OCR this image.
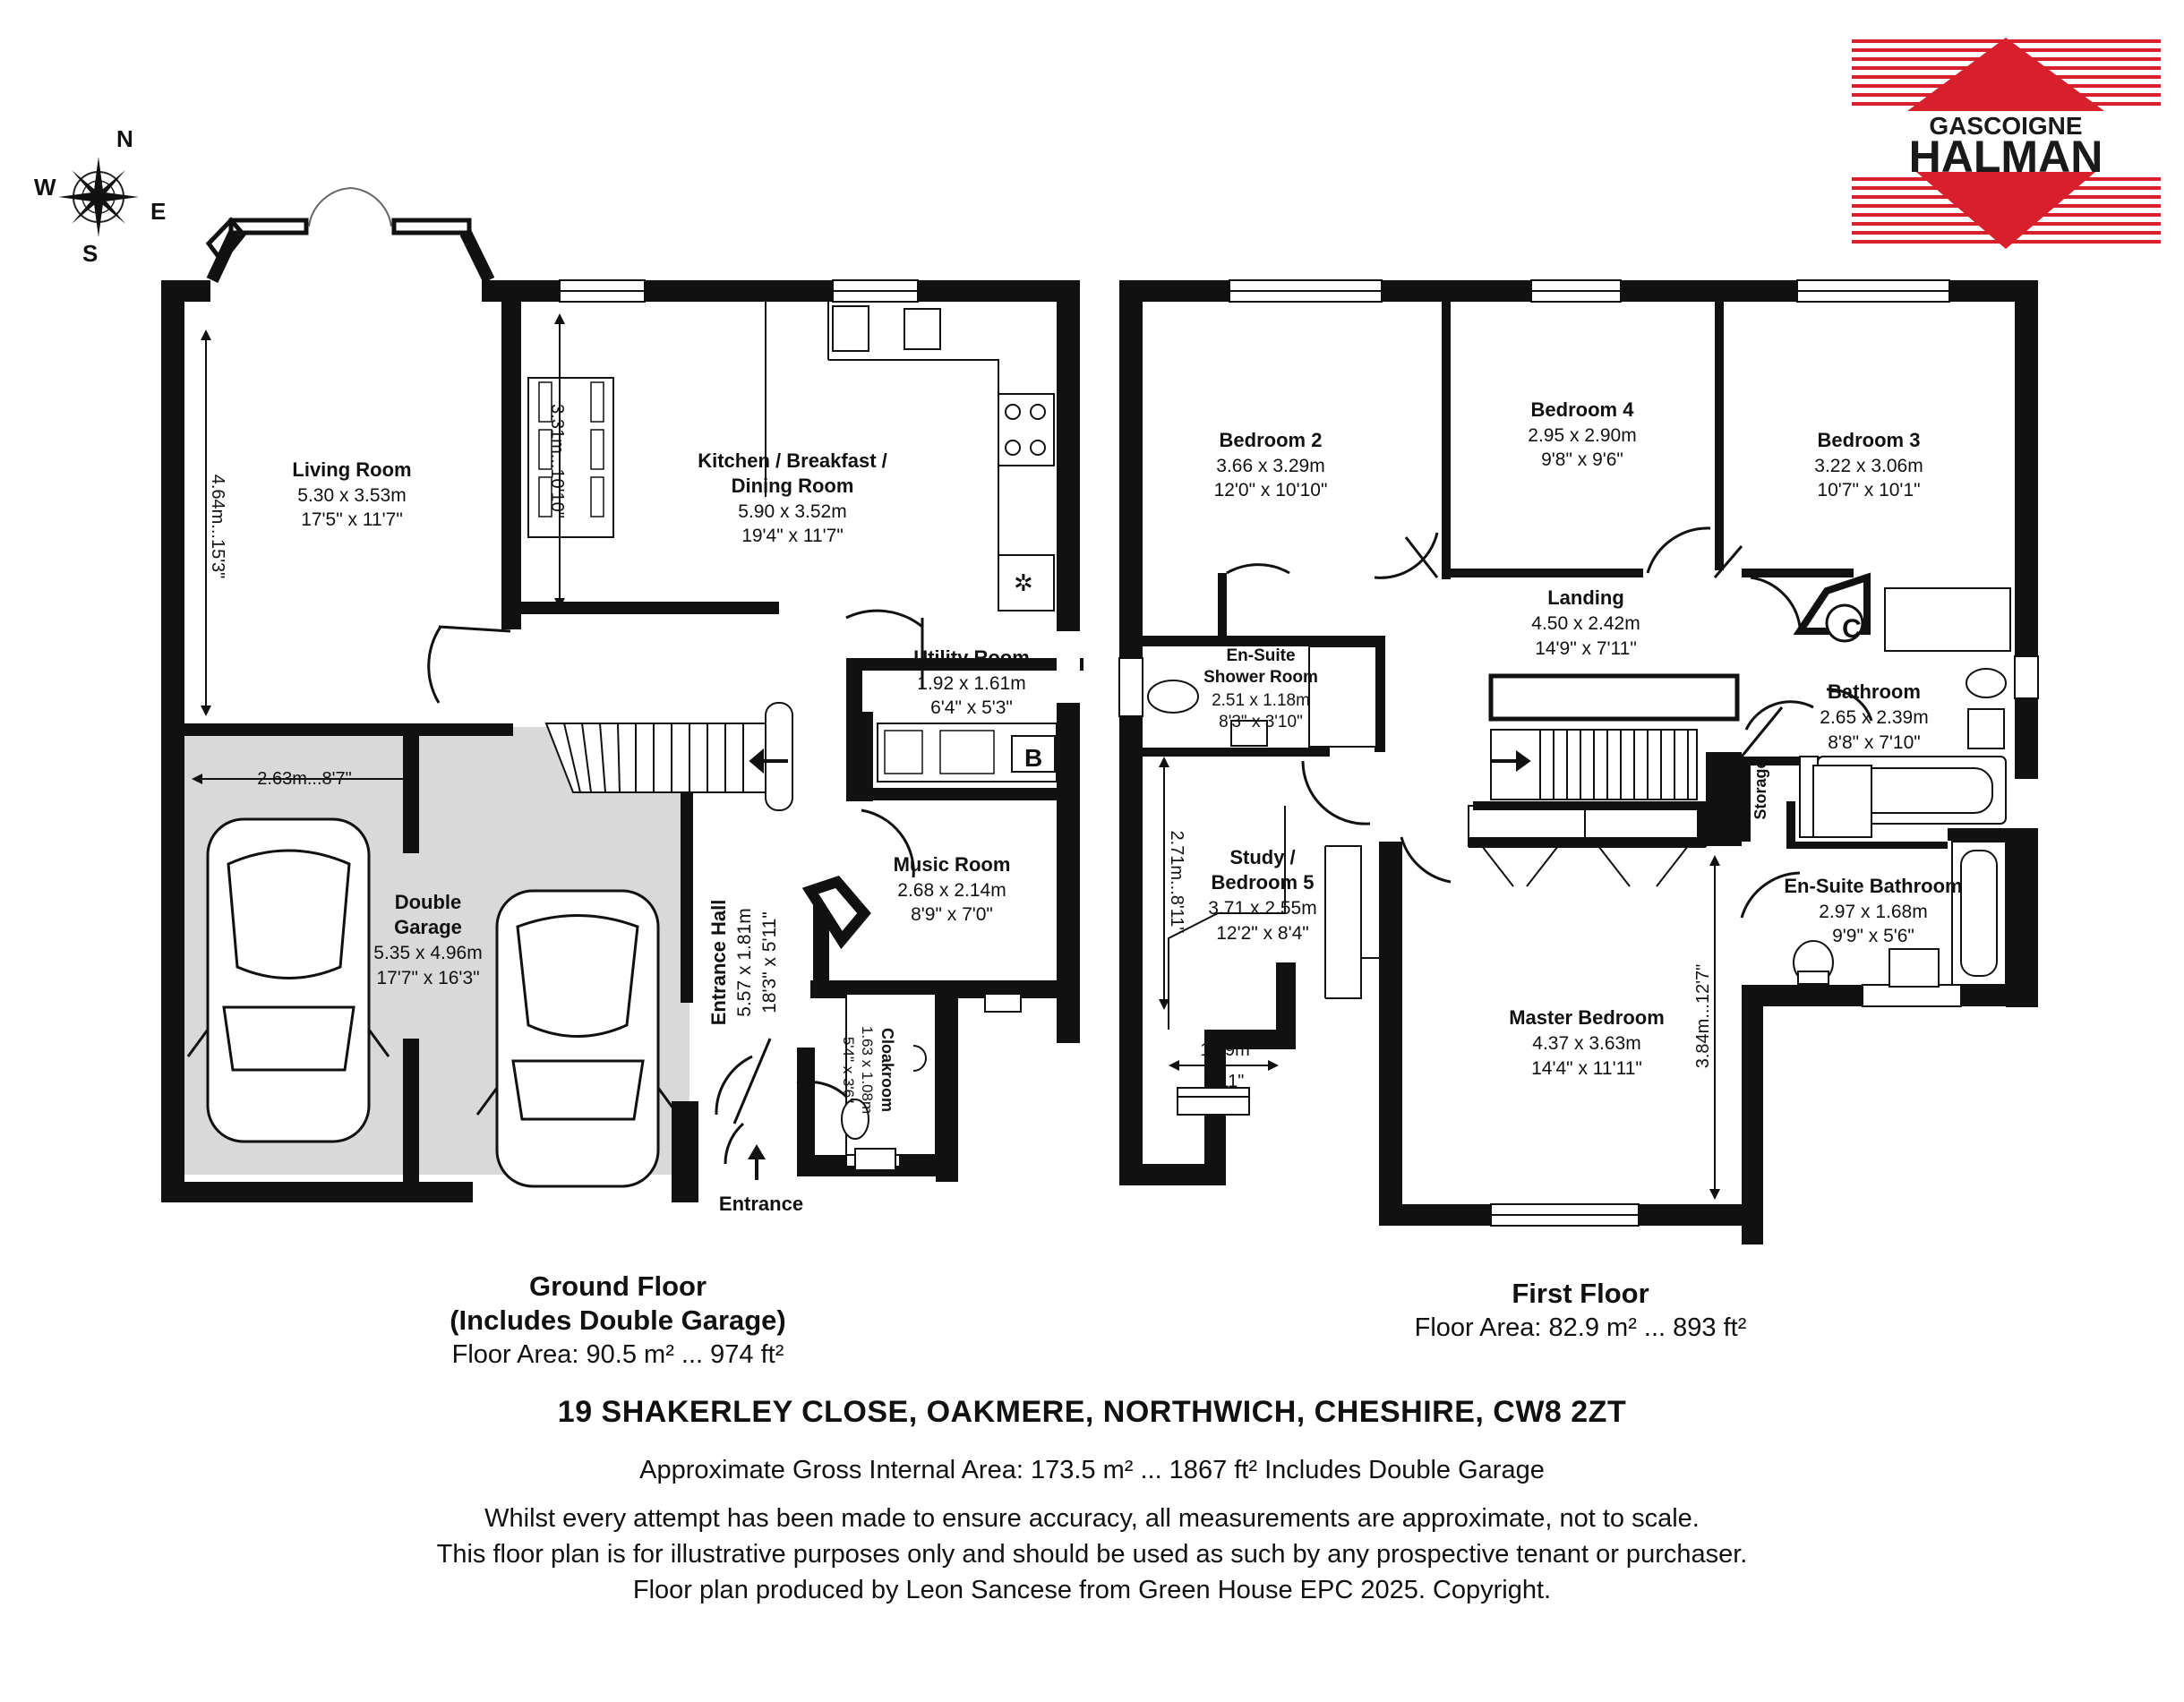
N
S
E
W
✲
Living Room
5.30 x 3.53m
17'5" x 11'7"
4.64m...15'3"
Kitchen / Breakfast /
Dining Room
5.90 x 3.52m
19'4" x 11'7"
3.31m...10'10"
Utility Room
1.92 x 1.61m
6'4" x 5'3"
B
Music Room
2.68 x 2.14m
8'9" x 7'0"
Double
Garage
5.35 x 4.96m
17'7" x 16'3"
2.63m...8'7"
Entrance Hall 5.57 x 1.81m 18'3" x 5'11"
Cloakroom
1.63 x 1.08m
5'4" x 3'6"
Entrance
Bedroom 2
3.66 x 3.29m
12'0" x 10'10"
Bedroom 4
2.95 x 2.90m
9'8" x 9'6"
Bedroom 3
3.22 x 3.06m
10'7" x 10'1"
Landing
4.50 x 2.42m
14'9" x 7'11"
En-Suite
Shower Room
2.51 x 1.18m
8'3" x 3'10"
C
Bathroom
2.65 x 2.39m
8'8" x 7'10"
Storage
Study /
Bedroom 5
3.71 x 2.55m
12'2" x 8'4"
2.71m...8'11"
1.19m
3'11"
En-Suite Bathroom
2.97 x 1.68m
9'9" x 5'6"
Master Bedroom
4.37 x 3.63m
14'4" x 11'11"
3.84m...12'7"
GASCOIGNE
HALMAN
Ground Floor
(Includes Double Garage)
Floor Area: 90.5 m² ... 974 ft²
First Floor
Floor Area: 82.9 m² ... 893 ft²
19 SHAKERLEY CLOSE, OAKMERE, NORTHWICH, CHESHIRE, CW8 2ZT
Approximate Gross Internal Area: 173.5 m² ... 1867 ft² Includes Double Garage
Whilst every attempt has been made to ensure accuracy, all measurements are approximate, not to scale.
This floor plan is for illustrative purposes only and should be used as such by any prospective tenant or purchaser.
Floor plan produced by Leon Sancese from Green House EPC 2025. Copyright.
